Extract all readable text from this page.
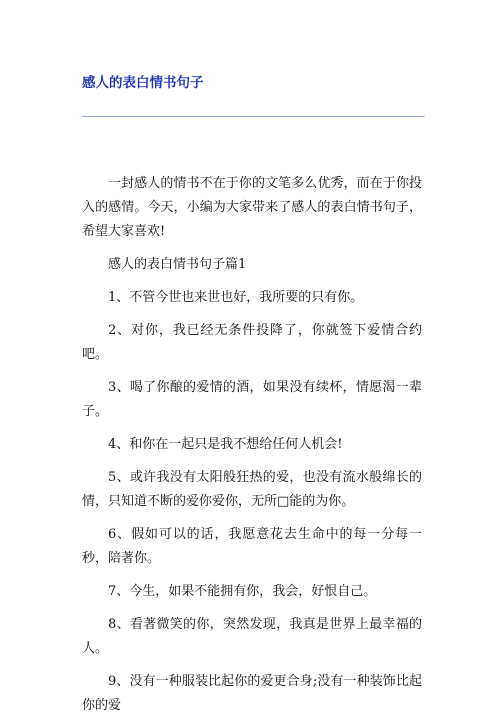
感人的表白情书句子
_______________________________________________________

一封感人的情书不在于你的文笔多么优秀，而在于你投入的感情。今天，小编为大家带来了感人的表白情书句子，希望大家喜欢!

感人的表白情书句子篇1

1、不管今世也来世也好，我所要的只有你。

2、对你，我已经无条件投降了，你就签下爱情合约吧。

3、喝了你酿的爱情的酒，如果没有续杯，情愿渴一辈子。

4、和你在一起只是我不想给任何人机会!

5、或许我没有太阳般狂热的爱，也没有流水般绵长的情，只知道不断的爱你爱你，无所□能的为你。

6、假如可以的话，我愿意花去生命中的每一分每一秒，陪著你。

7、今生，如果不能拥有你，我会，好恨自己。

8、看著微笑的你，突然发现，我真是世界上最幸福的人。

9、没有一种服装比起你的爱更合身;没有一种装饰比起你的爱
